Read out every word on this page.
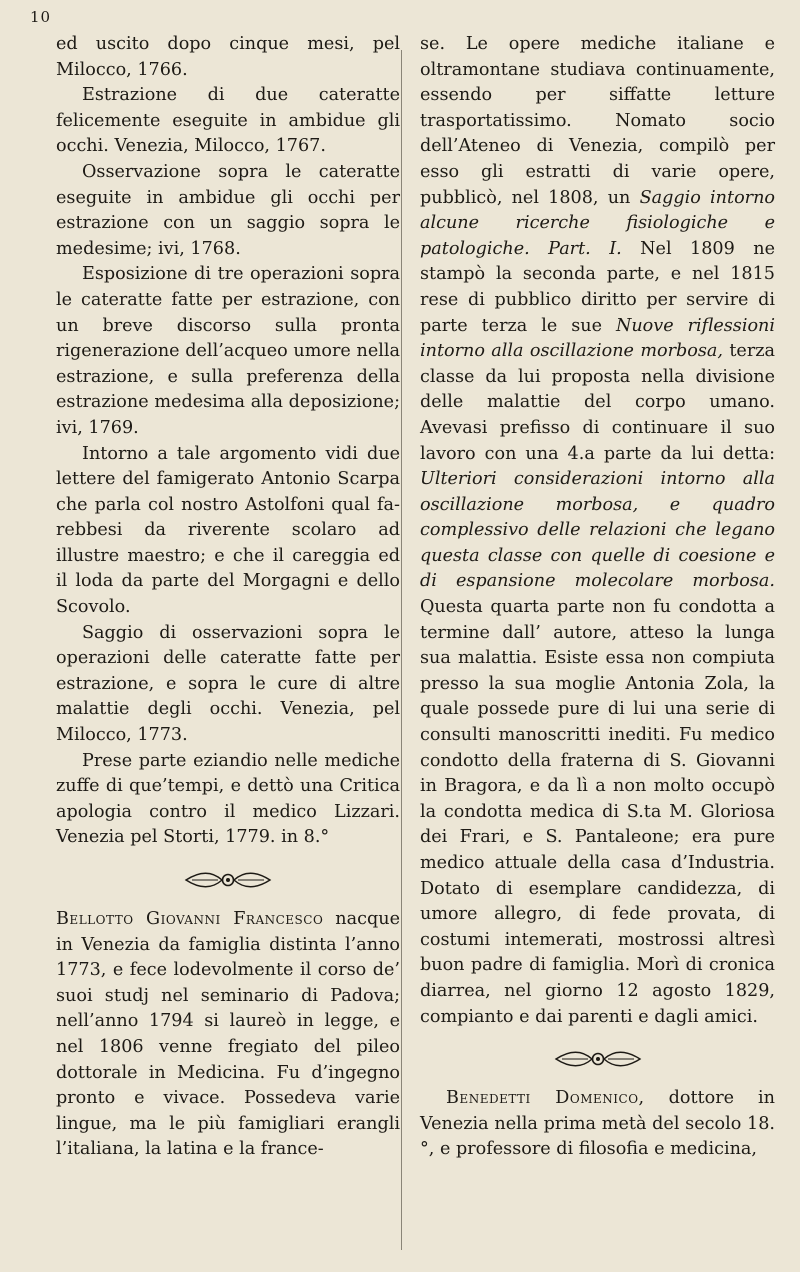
10

ed uscito dopo cinque mesi, pel Milocco, 1766.

Estrazione di due cateratte felicemente eseguite in ambidue gli occhi. Venezia, Milocco, 1767.

Osservazione sopra le cateratte eseguite in ambidue gli occhi per estrazione con un saggio sopra le medesime; ivi, 1768.

Esposizione di tre operazioni sopra le cateratte fatte per estrazione, con un breve discorso sulla pronta rigenerazione dell’acqueo umore nella estrazione, e sulla preferenza della estrazione medesima alla deposizione; ivi, 1769.

Intorno a tale argomento vidi due lettere del famigerato Antonio Scarpa che parla col nostro Astolfoni qual fa-rebbesi da riverente scolaro ad illustre maestro; e che il careggia ed il loda da parte del Morgagni e dello Scovolo.

Saggio di osservazioni sopra le operazioni delle cateratte fatte per estrazione, e sopra le cure di altre malattie degli occhi. Venezia, pel Milocco, 1773.

Prese parte eziandio nelle mediche zuffe di que’tempi, e dettò una Critica apologia contro il medico Lizzari. Venezia pel Storti, 1779. in 8.°

Bellotto Giovanni Francesco nacque in Venezia da famiglia distinta l’anno 1773, e fece lodevolmente il corso de’ suoi studj nel seminario di Padova; nell’anno 1794 si laureò in legge, e nel 1806 venne fregiato del pileo dottorale in Medicina. Fu d’ingegno pronto e vivace. Possedeva varie lingue, ma le più famigliari erangli l’italiana, la latina e la france-

se. Le opere mediche italiane e oltramontane studiava continuamente, essendo per siffatte letture trasportatissimo. Nomato socio dell’Ateneo di Venezia, compilò per esso gli estratti di varie opere, pubblicò, nel 1808, un Saggio intorno alcune ricerche fisiologiche e patologiche. Part. I. Nel 1809 ne stampò la seconda parte, e nel 1815 rese di pubblico diritto per servire di parte terza le sue Nuove riflessioni intorno alla oscillazione morbosa, terza classe da lui proposta nella divisione delle malattie del corpo umano. Avevasi prefisso di continuare il suo lavoro con una 4.a parte da lui detta: Ulteriori considerazioni intorno alla oscillazione morbosa, e quadro complessivo delle relazioni che legano questa classe con quelle di coesione e di espansione molecolare morbosa. Questa quarta parte non fu condotta a termine dall’ autore, atteso la lunga sua malattia. Esiste essa non compiuta presso la sua moglie Antonia Zola, la quale possede pure di lui una serie di consulti manoscritti inediti. Fu medico condotto della fraterna di S. Giovanni in Bragora, e da lì a non molto occupò la condotta medica di S.ta M. Gloriosa dei Frari, e S. Pantaleone; era pure medico attuale della casa d’Industria. Dotato di esemplare candidezza, di umore allegro, di fede provata, di costumi intemerati, mostrossi altresì buon padre di famiglia. Morì di cronica diarrea, nel giorno 12 agosto 1829, compianto e dai parenti e dagli amici.

Benedetti Domenico, dottore in Venezia nella prima metà del secolo 18.°, e professore di filosofia e medicina,
